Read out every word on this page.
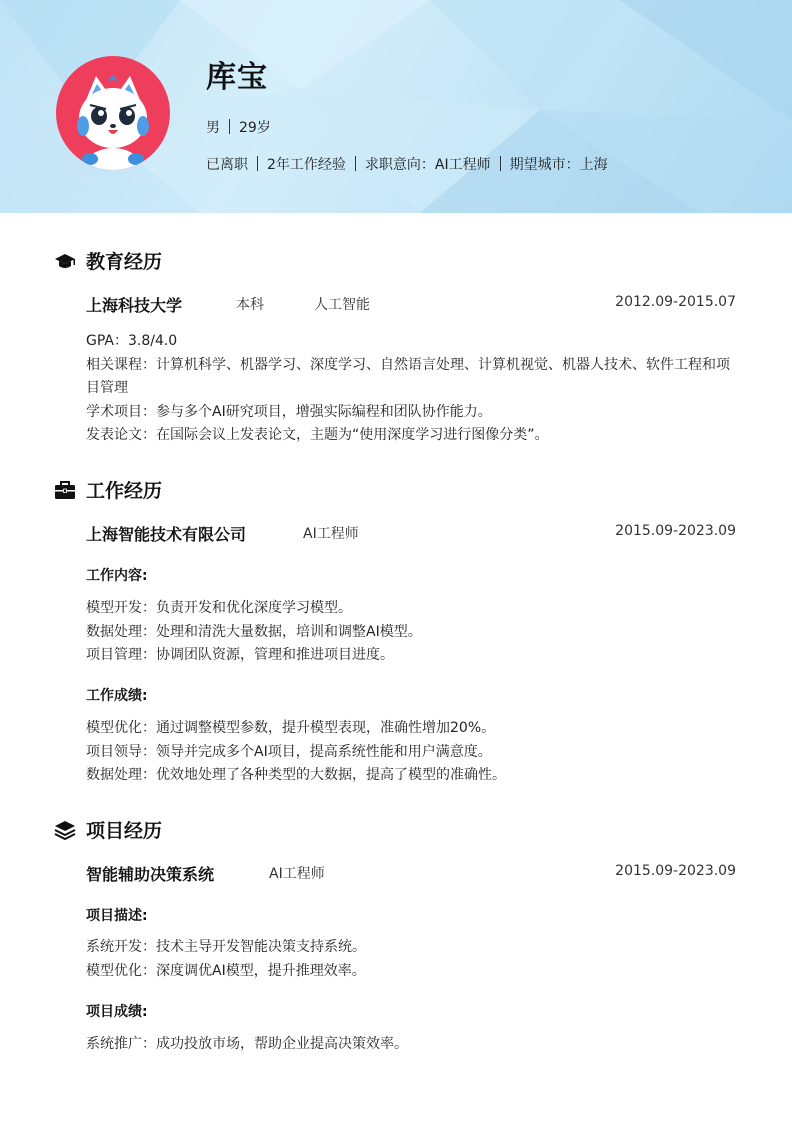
库宝
男 29岁
已离职 2年工作经验 求职意向：AI工程师 期望城市：上海
教育经历
上海科技大学	本科	人工智能	2012.09-2015.07
GPA：3.8/4.0
相关课程：计算机科学、机器学习、深度学习、自然语言处理、计算机视觉、机器人技术、软件工程和项目管理
学术项目：参与多个AI研究项目，增强实际编程和团队协作能力。
发表论文：在国际会议上发表论文，主题为“使用深度学习进行图像分类”。
工作经历
上海智能技术有限公司	AI工程师	2015.09-2023.09
工作内容:
模型开发：负责开发和优化深度学习模型。
数据处理：处理和清洗大量数据，培训和调整AI模型。
项目管理：协调团队资源，管理和推进项目进度。
工作成绩:
模型优化：通过调整模型参数，提升模型表现，准确性增加20%。
项目领导：领导并完成多个AI项目，提高系统性能和用户满意度。
数据处理：优效地处理了各种类型的大数据，提高了模型的准确性。
项目经历
智能辅助决策系统	AI工程师	2015.09-2023.09
项目描述:
系统开发：技术主导开发智能决策支持系统。
模型优化：深度调优AI模型，提升推理效率。
项目成绩:
系统推广：成功投放市场，帮助企业提高决策效率。
